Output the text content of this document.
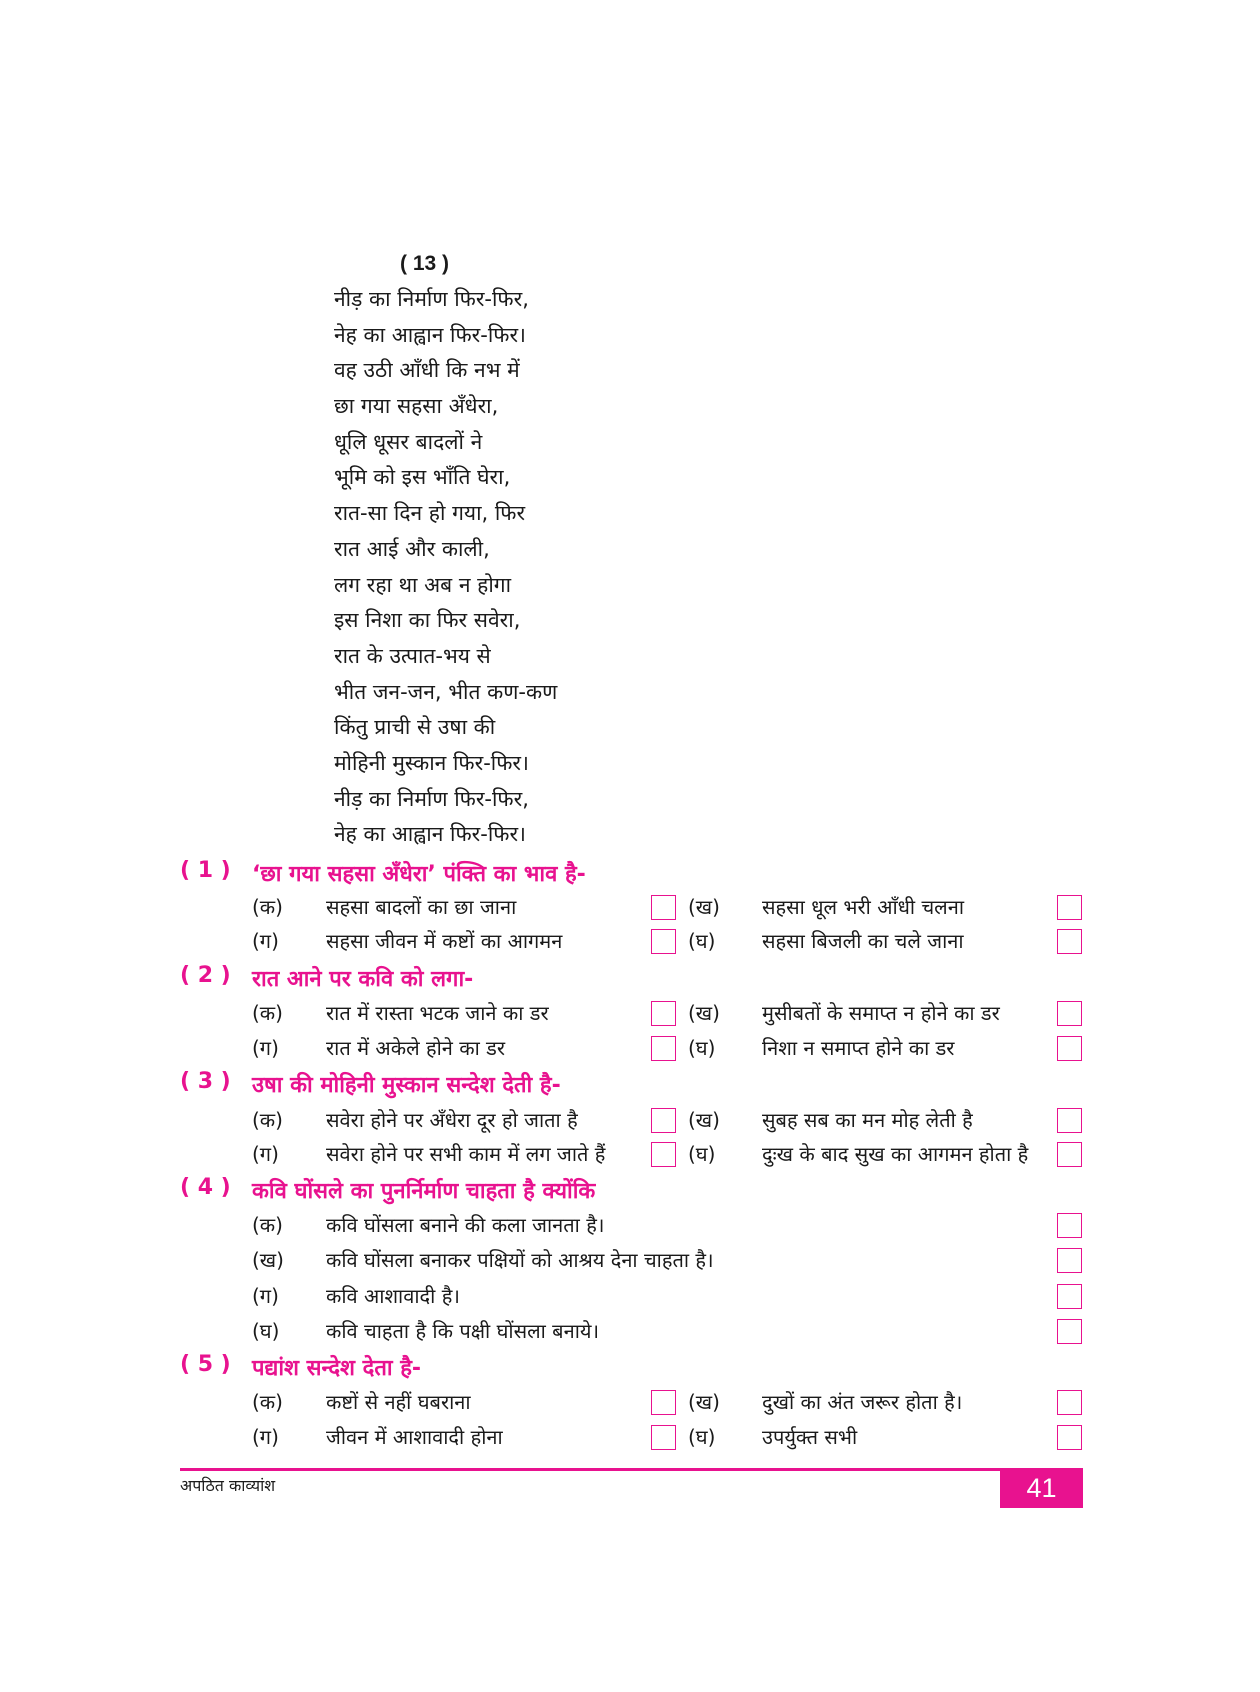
( 13 )
नीड़ का निर्माण फिर-फिर,
नेह का आह्वान फिर-फिर।
वह उठी आँधी कि नभ में
छा गया सहसा अँधेरा,
धूलि धूसर बादलों ने
भूमि को इस भाँति घेरा,
रात-सा दिन हो गया, फिर
रात आई और काली,
लग रहा था अब न होगा
इस निशा का फिर सवेरा,
रात के उत्पात-भय से
भीत जन-जन, भीत कण-कण
किंतु प्राची से उषा की
मोहिनी मुस्कान फिर-फिर।
नीड़ का निर्माण फिर-फिर,
नेह का आह्वान फिर-फिर।
( 1 ) ‘छा गया सहसा अँधेरा’ पंक्ति का भाव है-
(क)	सहसा बादलों का छा जाना	(ख)	सहसा धूल भरी आँधी चलना
(ग)	सहसा जीवन में कष्टों का आगमन	(घ)	सहसा बिजली का चले जाना
( 2 ) रात आने पर कवि को लगा-
(क)	रात में रास्ता भटक जाने का डर	(ख)	मुसीबतों के समाप्त न होने का डर
(ग)	रात में अकेले होने का डर	(घ)	निशा न समाप्त होने का डर
( 3 ) उषा की मोहिनी मुस्कान सन्देश देती है-
(क)	सवेरा होने पर अँधेरा दूर हो जाता है	(ख)	सुबह सब का मन मोह लेती है
(ग)	सवेरा होने पर सभी काम में लग जाते हैं	(घ)	दुःख के बाद सुख का आगमन होता है
( 4 ) कवि घोंसले का पुनर्निर्माण चाहता है क्योंकि
(क)	कवि घोंसला बनाने की कला जानता है।
(ख)	कवि घोंसला बनाकर पक्षियों को आश्रय देना चाहता है।
(ग)	कवि आशावादी है।
(घ)	कवि चाहता है कि पक्षी घोंसला बनाये।
( 5 ) पद्यांश सन्देश देता है-
(क)	कष्टों से नहीं घबराना	(ख)	दुखों का अंत जरूर होता है।
(ग)	जीवन में आशावादी होना	(घ)	उपर्युक्त सभी
अपठित काव्यांश	41
